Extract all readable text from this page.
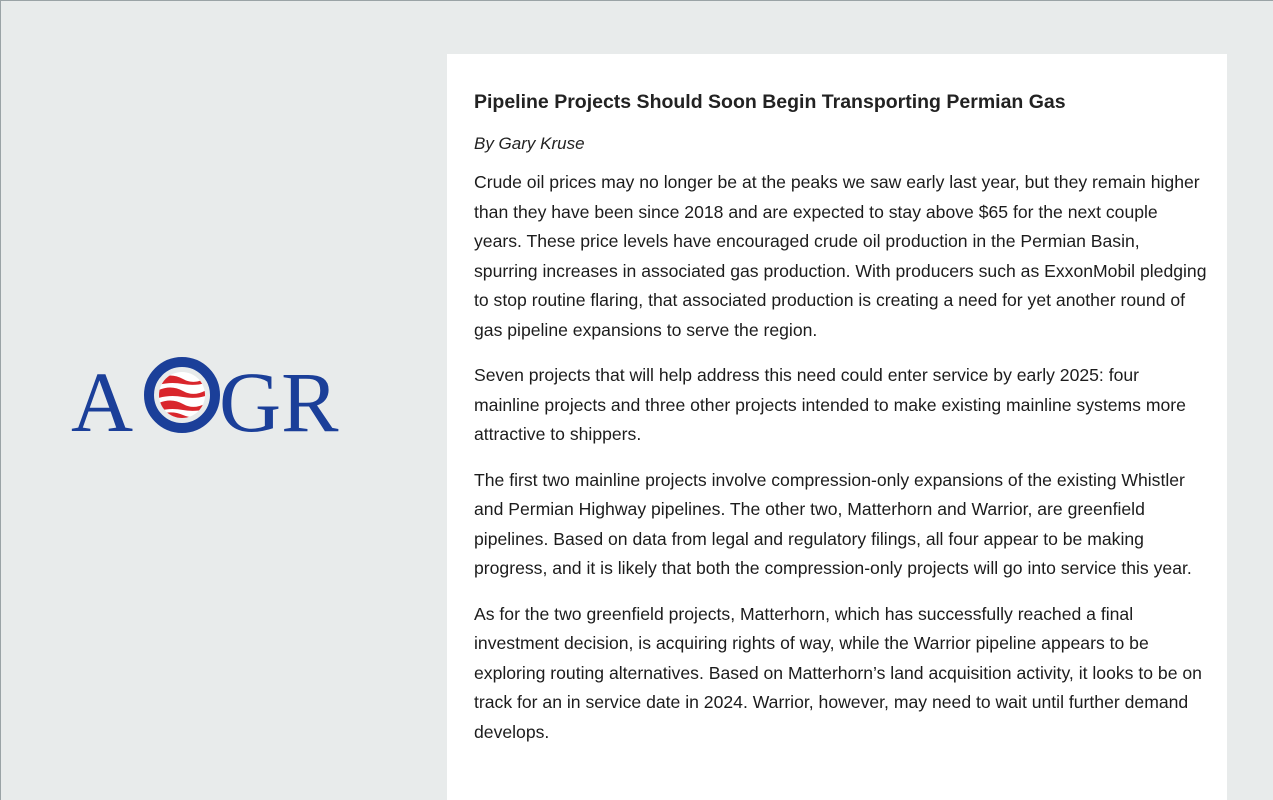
A GR
Pipeline Projects Should Soon Begin Transporting Permian Gas

By Gary Kruse

Crude oil prices may no longer be at the peaks we saw early last year, but they remain higher than they have been since 2018 and are expected to stay above $65 for the next couple years. These price levels have encouraged crude oil production in the Permian Basin, spurring increases in associated gas production. With producers such as ExxonMobil pledging to stop routine flaring, that associated production is creating a need for yet another round of gas pipeline expansions to serve the region.

Seven projects that will help address this need could enter service by early 2025: four mainline projects and three other projects intended to make existing mainline systems more attractive to shippers.

The first two mainline projects involve compression-only expansions of the existing Whistler and Permian Highway pipelines. The other two, Matterhorn and Warrior, are greenfield pipelines. Based on data from legal and regulatory filings, all four appear to be making progress, and it is likely that both the compression-only projects will go into service this year.

As for the two greenfield projects, Matterhorn, which has successfully reached a final investment decision, is acquiring rights of way, while the Warrior pipeline appears to be exploring routing alternatives. Based on Matterhorn’s land acquisition activity, it looks to be on track for an in service date in 2024. Warrior, however, may need to wait until further demand develops.
